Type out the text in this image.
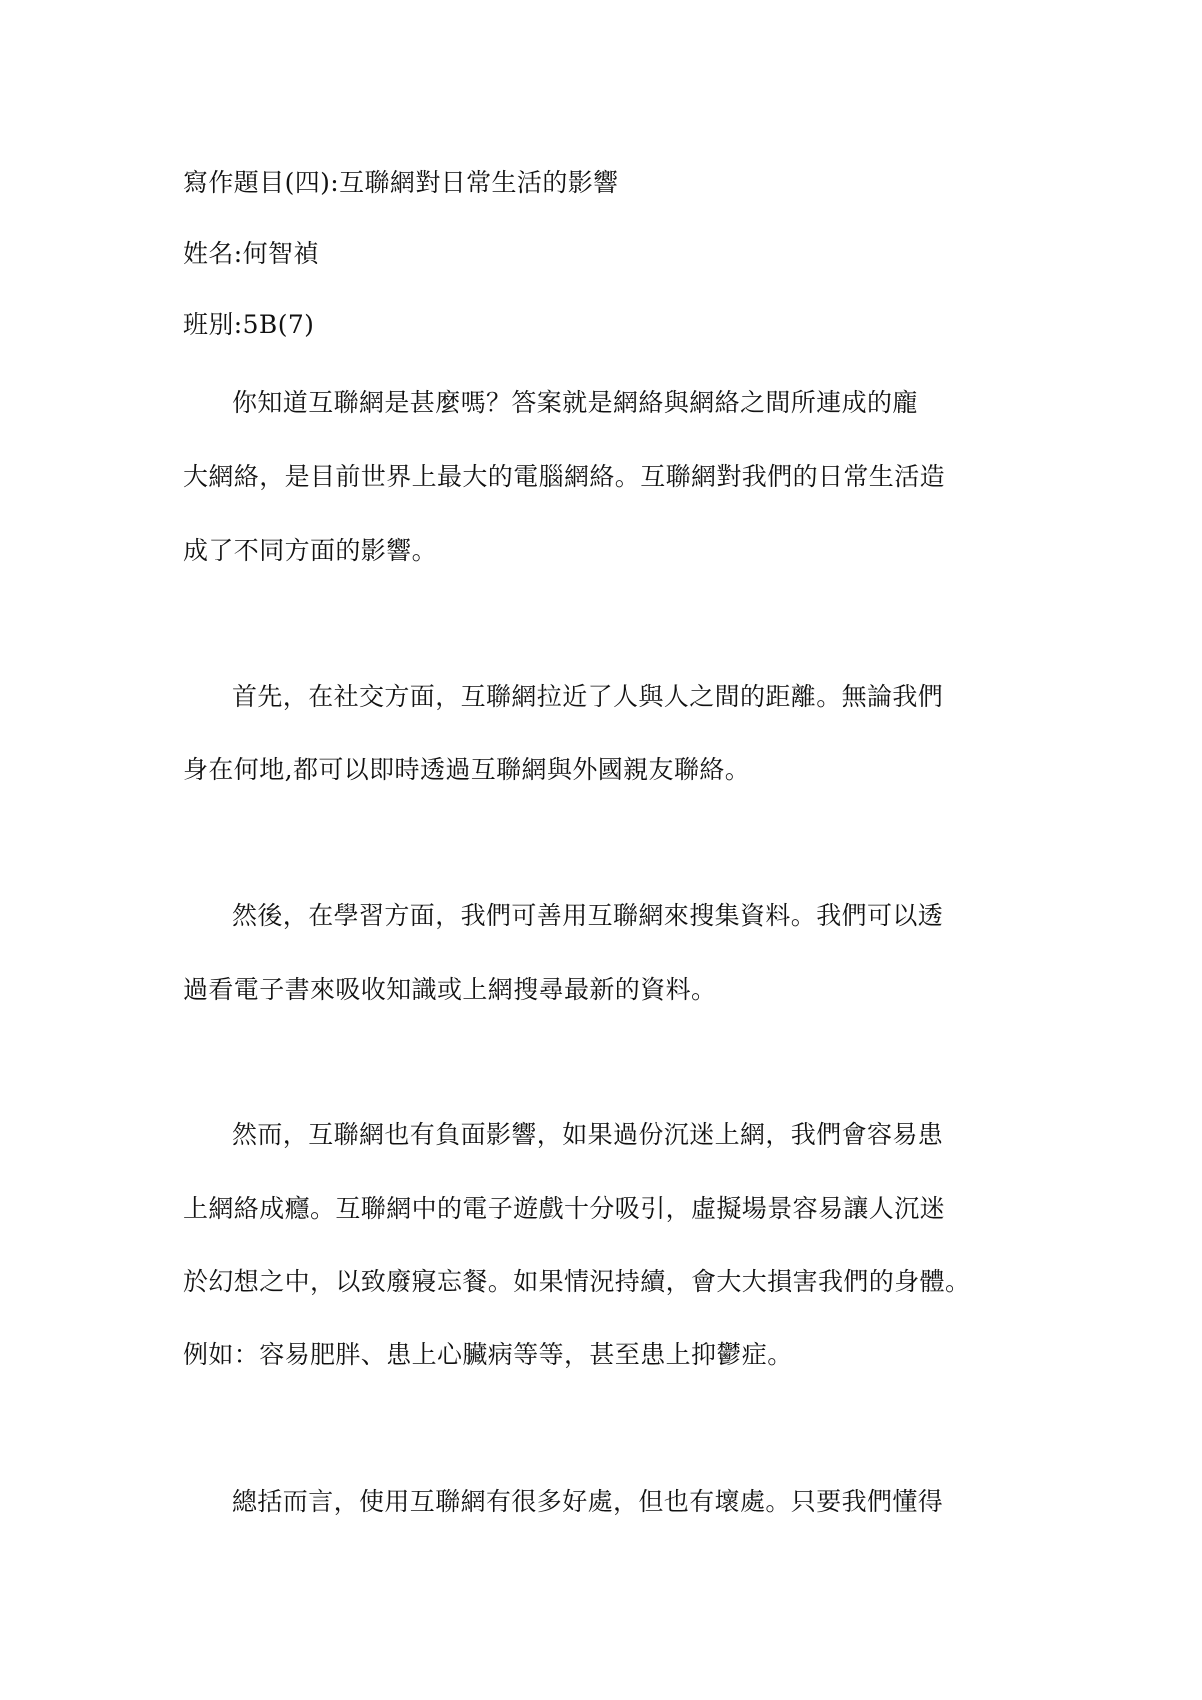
寫作題目(四):互聯網對日常生活的影響

姓名:何智禎

班別:5B(7)

你知道互聯網是甚麼嗎？答案就是網絡與網絡之間所連成的龐

大網絡，是目前世界上最大的電腦網絡。互聯網對我們的日常生活造

成了不同方面的影響。

首先，在社交方面，互聯網拉近了人與人之間的距離。無論我們

身在何地,都可以即時透過互聯網與外國親友聯絡。

然後，在學習方面，我們可善用互聯網來搜集資料。我們可以透

過看電子書來吸收知識或上網搜尋最新的資料。

然而，互聯網也有負面影響，如果過份沉迷上網，我們會容易患

上網絡成癮。互聯網中的電子遊戲十分吸引，虛擬場景容易讓人沉迷

於幻想之中，以致廢寢忘餐。如果情況持續，會大大損害我們的身體。

例如：容易肥胖、患上心臟病等等，甚至患上抑鬱症。

總括而言，使用互聯網有很多好處，但也有壞處。只要我們懂得
